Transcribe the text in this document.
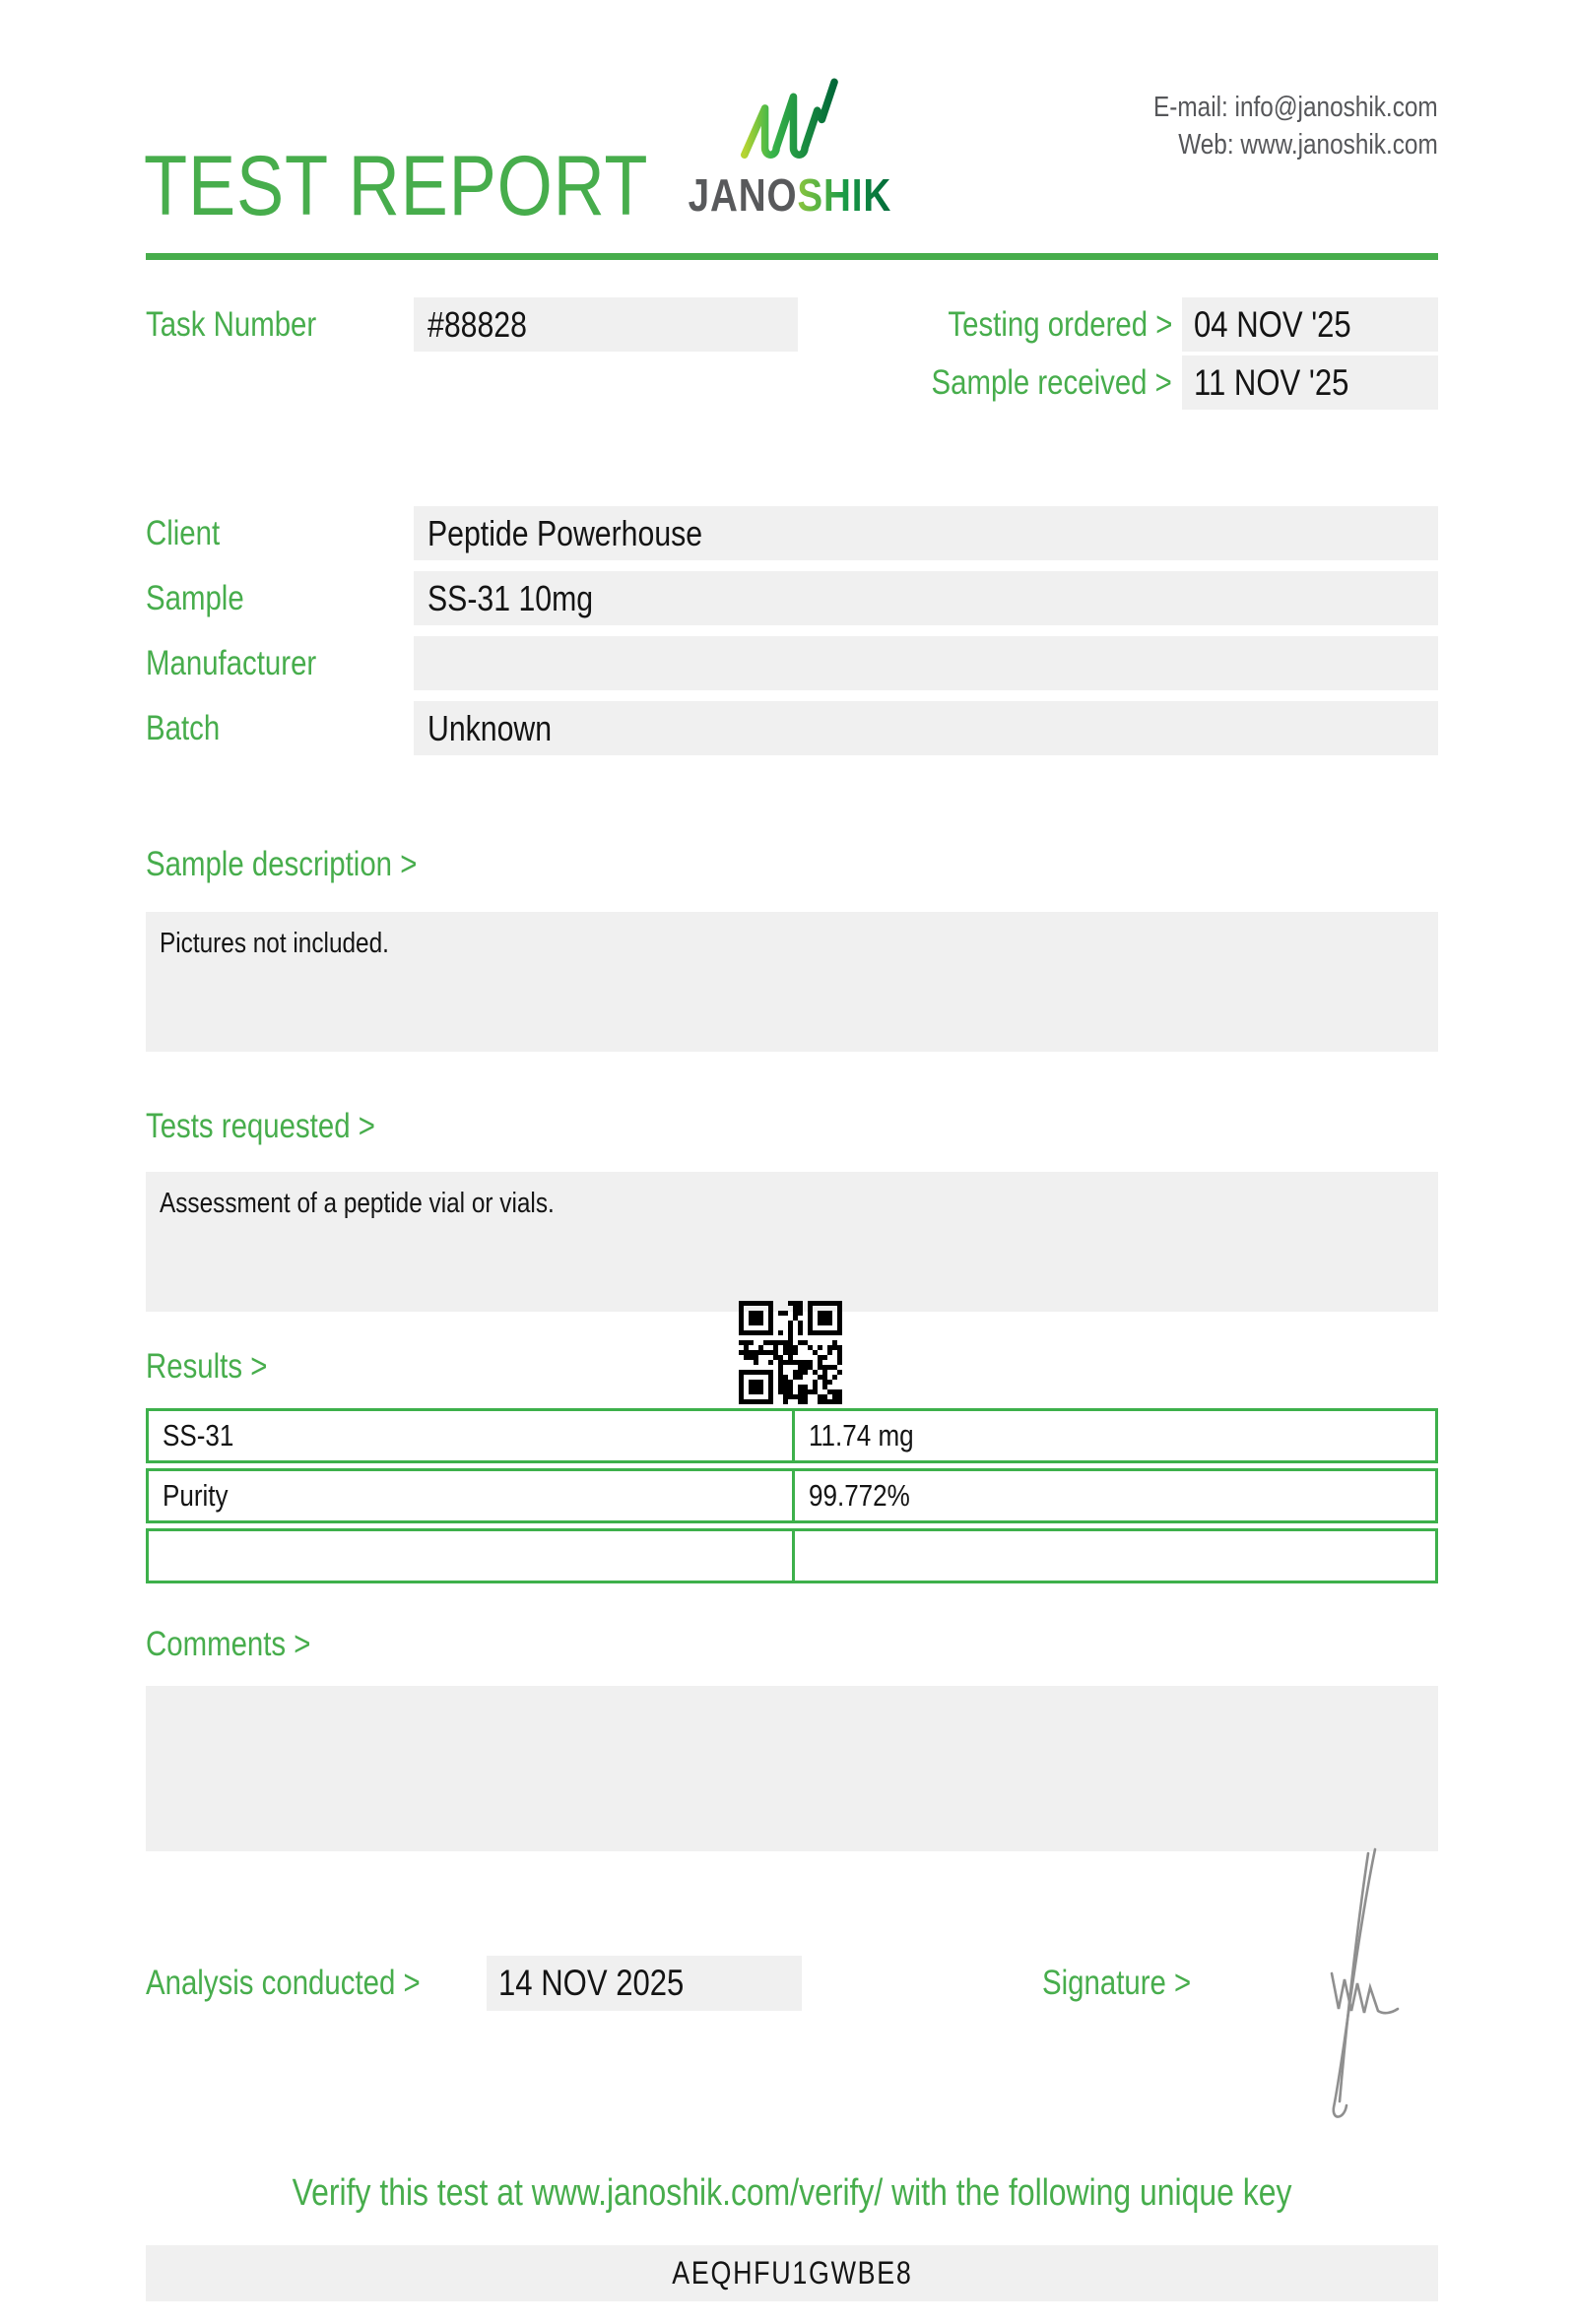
TEST REPORT JANOSHIK
E-mail: info@janoshik.com
Web: www.janoshik.com
Task Number	#88828	Testing ordered > 04 NOV '25
Sample received > 11 NOV '25
Client	Peptide Powerhouse
Sample	SS-31 10mg
Manufacturer
Batch	Unknown
Sample description >
Pictures not included.
Tests requested >
Assessment of a peptide vial or vials.
Results >
SS-31	11.74 mg
Purity	99.772%
Comments >
Analysis conducted >	14 NOV 2025	Signature >
Verify this test at www.janoshik.com/verify/ with the following unique key
AEQHFU1GWBE8
